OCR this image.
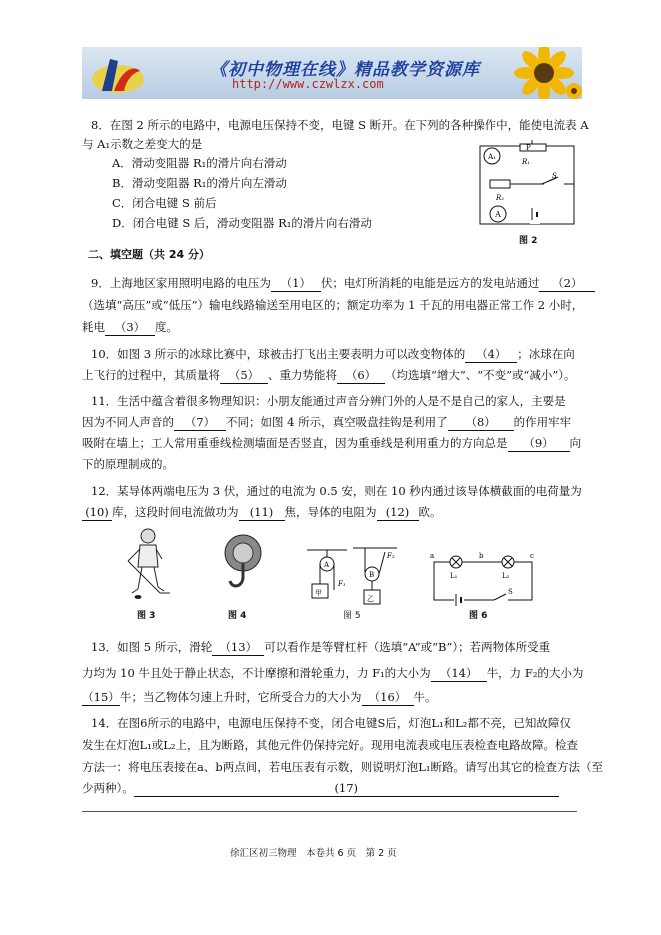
《初中物理在线》精品教学资源库
http://www.czwlzx.com
8．在图 2 所示的电路中，电源电压保持不变，电键 S 断开。在下列的各种操作中，能使电流表 A
与 A₁示数之差变大的是
A．滑动变阻器 R₁的滑片向右滑动
B．滑动变阻器 R₁的滑片向左滑动
C．闭合电键 S 前后
D．闭合电键 S 后，滑动变阻器 R₁的滑片向右滑动
A₁
A
P
R₁
R₂
S
图 2
二、填空题（共 24 分）
9．上海地区家用照明电路的电压为 （1） 伏；电灯所消耗的电能是远方的发电站通过 （2）
（选填“高压”或“低压”）输电线路输送至用电区的；额定功率为 1 千瓦的用电器正常工作 2 小时，
耗电 （3） 度。
10．如图 3 所示的冰球比赛中，球被击打飞出主要表明力可以改变物体的 （4） ；冰球在向
上飞行的过程中，其质量将 （5） 、重力势能将 （6） （均选填“增大”、“不变”或“减小”）。
11．生活中蕴含着很多物理知识：小朋友能通过声音分辨门外的人是不是自己的家人，主要是
因为不同人声音的 （7） 不同；如图 4 所示，真空吸盘挂钩是利用了 （8） 的作用牢牢
吸附在墙上；工人常用重垂线检测墙面是否竖直，因为重垂线是利用重力的方向总是 （9） 向
下的原理制成的。
12．某导体两端电压为 3 伏，通过的电流为 0.5 安，则在 10 秒内通过该导体横截面的电荷量为
(10) 库，这段时间电流做功为 (11) 焦，导体的电阻为 (12) 欧。
图 3	图 4
A
B
甲
乙
F₁
F₂
图 5
a	b	c
L₁	L₂
S
图 6
13．如图 5 所示，滑轮 （13） 可以看作是等臂杠杆（选填“A”或“B”）；若两物体所受重
力均为 10 牛且处于静止状态，不计摩擦和滑轮重力，力 F₁的大小为 （14） 牛，力 F₂的大小为
（15）牛；当乙物体匀速上升时，它所受合力的大小为 （16） 牛。
14．在图6所示的电路中，电源电压保持不变，闭合电键S后，灯泡L₁和L₂都不亮，已知故障仅
发生在灯泡L₁或L₂上，且为断路，其他元件仍保持完好。现用电流表或电压表检查电路故障。检查
方法一：将电压表接在a、b两点间，若电压表有示数，则说明灯泡L₁断路。请写出其它的检查方法（至
少两种）。	(17)
徐汇区初三物理　本卷共 6 页　第 2 页
